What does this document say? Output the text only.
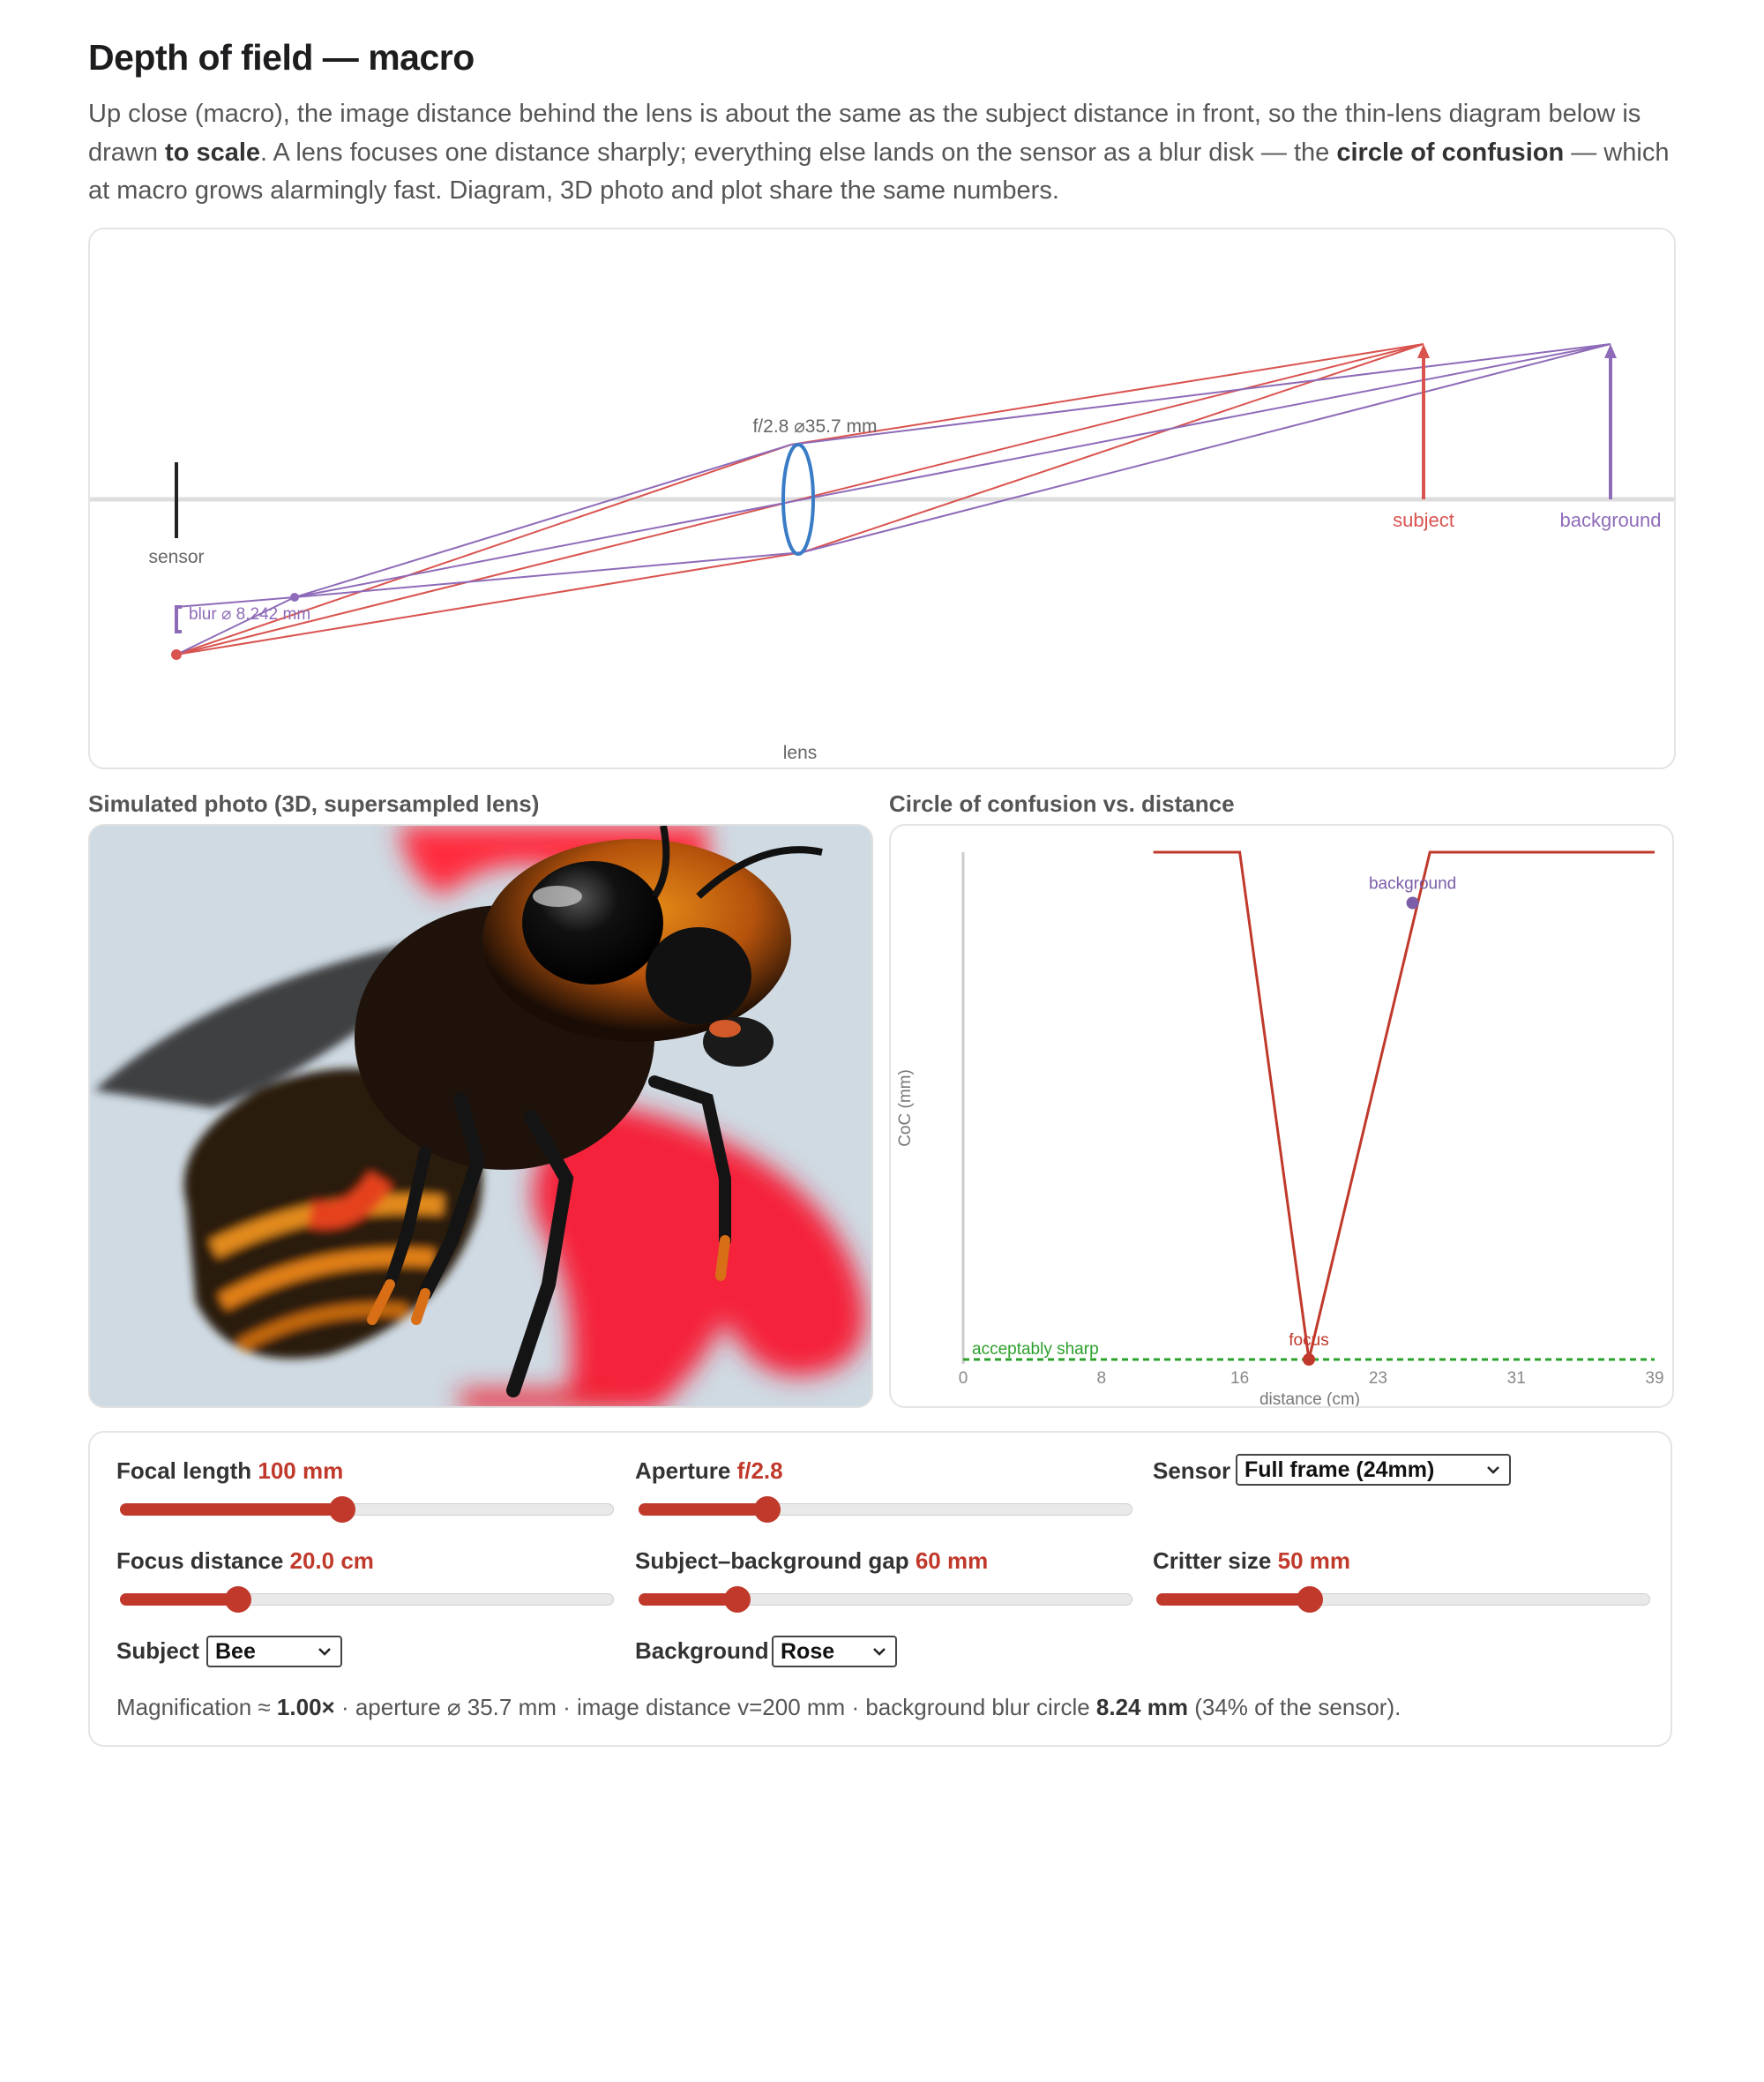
Depth of field — macro

Up close (macro), the image distance behind the lens is about the same as the subject distance in front, so the thin-lens diagram below is drawn to scale. A lens focuses one distance sharply; everything else lands on the sensor as a blur disk — the circle of confusion — which at macro grows alarmingly fast. Diagram, 3D photo and plot share the same numbers.

sensor
blur ⌀ 8.242 mm
f/2.8 ⌀35.7 mm
subject	background
lens
Simulated photo (3D, supersampled lens)	Circle of confusion vs. distance
CoC (mm)
acceptably sharp
0	8	16	23	31	39
distance (cm)
focus
background
Focal length 100 mm	Aperture f/2.8	Sensor Full frame (24mm)
Focus distance 20.0 cm	Subject–background gap 60 mm	Critter size 50 mm
Subject Bee	Background Rose
Magnification ≈ 1.00× · aperture ⌀ 35.7 mm · image distance v=200 mm · background blur circle 8.24 mm (34% of the sensor).
